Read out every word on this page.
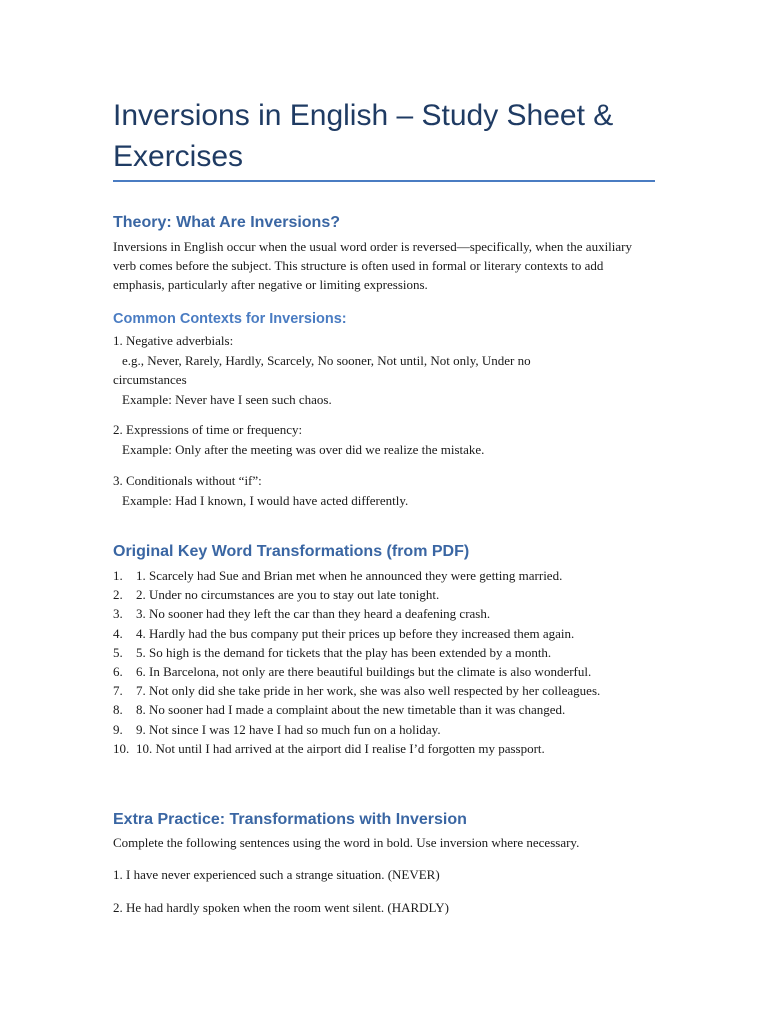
Inversions in English – Study Sheet & Exercises
Theory: What Are Inversions?

Inversions in English occur when the usual word order is reversed—specifically, when the auxiliary verb comes before the subject. This structure is often used in formal or literary contexts to add emphasis, particularly after negative or limiting expressions.

Common Contexts for Inversions:
1. Negative adverbials:
e.g., Never, Rarely, Hardly, Scarcely, No sooner, Not until, Not only, Under no
circumstances
Example: Never have I seen such chaos.
2. Expressions of time or frequency:
Example: Only after the meeting was over did we realize the mistake.
3. Conditionals without “if”:
Example: Had I known, I would have acted differently.
Original Key Word Transformations (from PDF)
1. 1. Scarcely had Sue and Brian met when he announced they were getting married.
2. 2. Under no circumstances are you to stay out late tonight.
3. 3. No sooner had they left the car than they heard a deafening crash.
4. 4. Hardly had the bus company put their prices up before they increased them again.
5. 5. So high is the demand for tickets that the play has been extended by a month.
6. 6. In Barcelona, not only are there beautiful buildings but the climate is also wonderful.
7. 7. Not only did she take pride in her work, she was also well respected by her colleagues.
8. 8. No sooner had I made a complaint about the new timetable than it was changed.
9. 9. Not since I was 12 have I had so much fun on a holiday.
10. 10. Not until I had arrived at the airport did I realise I’d forgotten my passport.
Extra Practice: Transformations with Inversion
Complete the following sentences using the word in bold. Use inversion where necessary.
1. I have never experienced such a strange situation. (NEVER)
2. He had hardly spoken when the room went silent. (HARDLY)
